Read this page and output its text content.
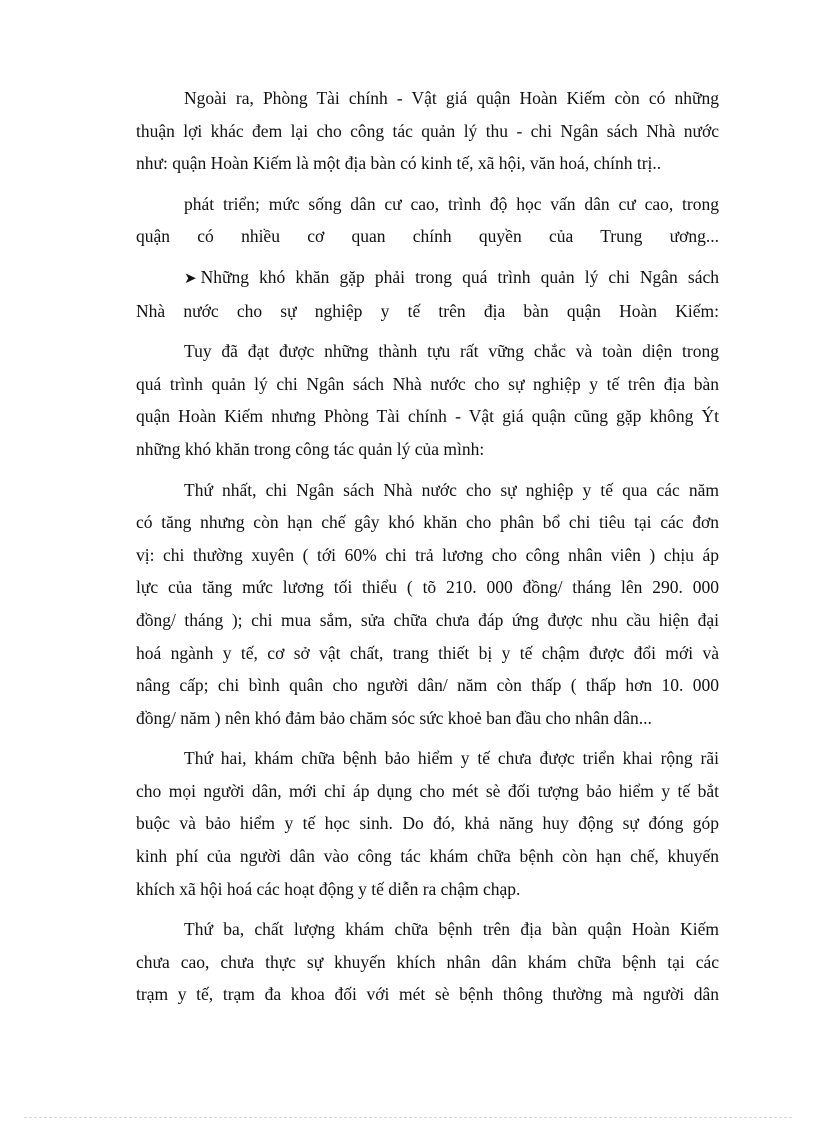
Ngoài ra, Phòng Tài chính - Vật giá quận Hoàn Kiếm còn có những
thuận lợi khác đem lại cho công tác quản lý thu - chi Ngân sách Nhà nước
như: quận Hoàn Kiếm là một địa bàn có kinh tế, xã hội, văn hoá, chính trị..
phát triển; mức sống dân cư cao, trình độ học vấn dân cư cao, trong
quận có nhiều cơ quan chính quyền của Trung ương...
➤ Những khó khăn gặp phải trong quá trình quản lý chi Ngân sách
Nhà nước cho sự nghiệp y tế trên địa bàn quận Hoàn Kiếm:
Tuy đã đạt được những thành tựu rất vững chắc và toàn diện trong
quá trình quản lý chi Ngân sách Nhà nước cho sự nghiệp y tế trên địa bàn
quận Hoàn Kiếm nhưng Phòng Tài chính - Vật giá quận cũng gặp không Ýt
những khó khăn trong công tác quản lý của mình:
Thứ nhất, chi Ngân sách Nhà nước cho sự nghiệp y tế qua các năm
có tăng nhưng còn hạn chế gây khó khăn cho phân bổ chi tiêu tại các đơn
vị: chi thường xuyên ( tới 60% chi trả lương cho công nhân viên ) chịu áp
lực của tăng mức lương tối thiểu ( tõ 210. 000 đồng/ tháng lên 290. 000
đồng/ tháng ); chi mua sắm, sửa chữa chưa đáp ứng được nhu cầu hiện đại
hoá ngành y tế, cơ sở vật chất, trang thiết bị y tế chậm được đổi mới và
nâng cấp; chi bình quân cho người dân/ năm còn thấp ( thấp hơn 10. 000
đồng/ năm ) nên khó đảm bảo chăm sóc sức khoẻ ban đầu cho nhân dân...
Thứ hai, khám chữa bệnh bảo hiểm y tế chưa được triển khai rộng rãi
cho mọi người dân, mới chỉ áp dụng cho mét sè đối tượng bảo hiểm y tế bắt
buộc và bảo hiểm y tế học sinh. Do đó, khả năng huy động sự đóng góp
kinh phí của người dân vào công tác khám chữa bệnh còn hạn chế, khuyến
khích xã hội hoá các hoạt động y tế diễn ra chậm chạp.
Thứ ba, chất lượng khám chữa bệnh trên địa bàn quận Hoàn Kiếm
chưa cao, chưa thực sự khuyến khích nhân dân khám chữa bệnh tại các
trạm y tế, trạm đa khoa đối với mét sè bệnh thông thường mà người dân
